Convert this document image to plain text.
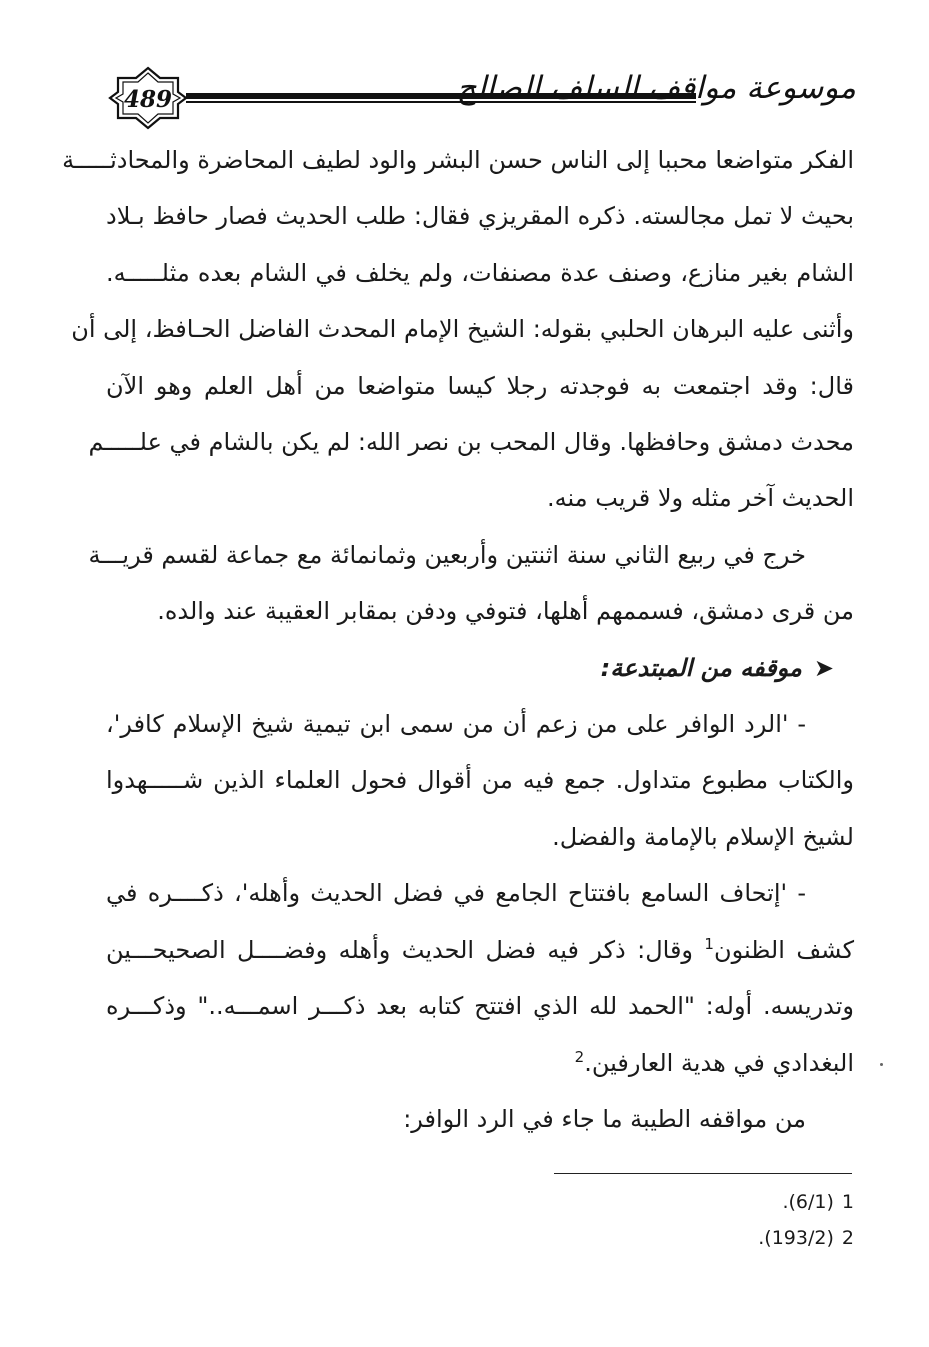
489	موسوعة مواقف السلف الصالح
الفكر متواضعا محببا إلى الناس حسن البشر والود لطيف المحاضرة والمحادثـــــة
بحيث لا تمل مجالسته. ذكره المقريزي فقال: طلب الحديث فصار حافظ بـلاد
الشام بغير منازع، وصنف عدة مصنفات، ولم يخلف في الشام بعده مثلـــــه.
وأثنى عليه البرهان الحلبي بقوله: الشيخ الإمام المحدث الفاضل الحـافظ، إلى أن
قال: وقد اجتمعت به فوجدته رجلا كيسا متواضعا من أهل العلم وهو الآن
محدث دمشق وحافظها. وقال المحب بن نصر الله: لم يكن بالشام في علـــــم
الحديث آخر مثله ولا قريب منه.
خرج في ربيع الثاني سنة اثنتين وأربعين وثمانمائة مع جماعة لقسم قريـــة
من قرى دمشق، فسممهم أهلها، فتوفي ودفن بمقابر العقيبة عند والده.
➤موقفه من المبتدعة:
- 'الرد الوافر على من زعم أن من سمى ابن تيمية شيخ الإسلام كافر'،
والكتاب مطبوع متداول. جمع فيه من أقوال فحول العلماء الذين شـــــهدوا
لشيخ الإسلام بالإمامة والفضل.
- 'إتحاف السامع بافتتاح الجامع في فضل الحديث وأهله'، ذكــــره في
كشف الظنون$^1$ وقال: ذكر فيه فضل الحديث وأهله وفضــــل الصحيحـــين
وتدريسه. أوله: "الحمد لله الذي افتتح كتابه بعد ذكـــر اسمـــه.." وذكـــره
البغدادي في هدية العارفين.$^2$
من مواقفه الطيبة ما جاء في الرد الوافر:
1(6/1).
2(193/2).
